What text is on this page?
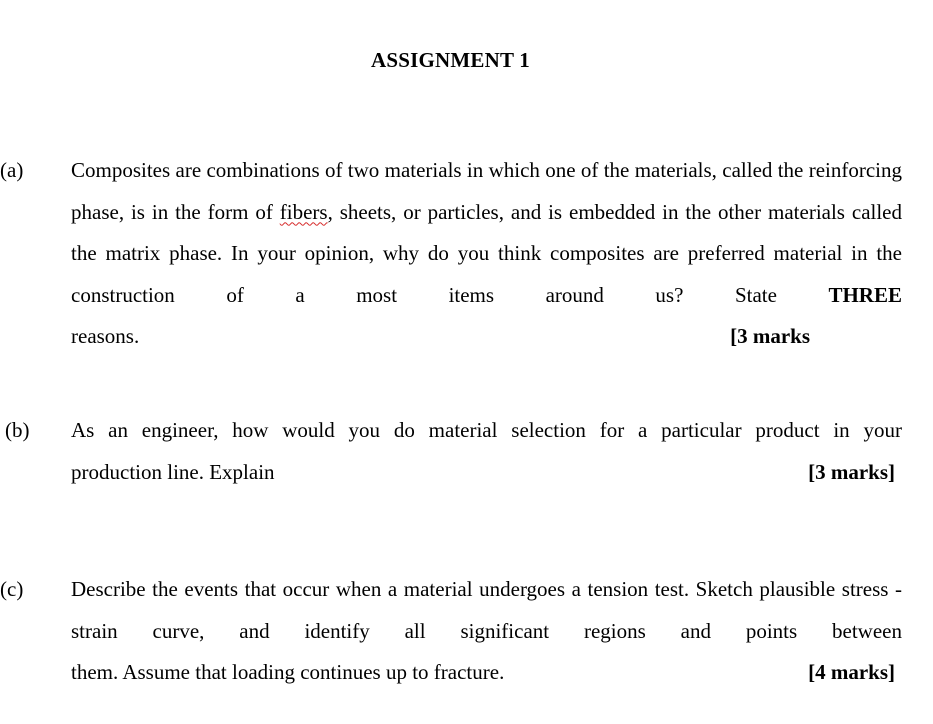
ASSIGNMENT 1
(a) Composites are combinations of two materials in which one of the materials, called the reinforcing phase, is in the form of fibers, sheets, or particles, and is embedded in the other materials called the matrix phase. In your opinion, why do you think composites are preferred material in the construction of a most items around us? State THREE
reasons.	[3 marks
(b) As an engineer, how would you do material selection for a particular product in your
production line. Explain	[3 marks]
(c) Describe the events that occur when a material undergoes a tension test. Sketch plausible stress - strain curve, and identify all significant regions and points between
them. Assume that loading continues up to fracture.	[4 marks]
